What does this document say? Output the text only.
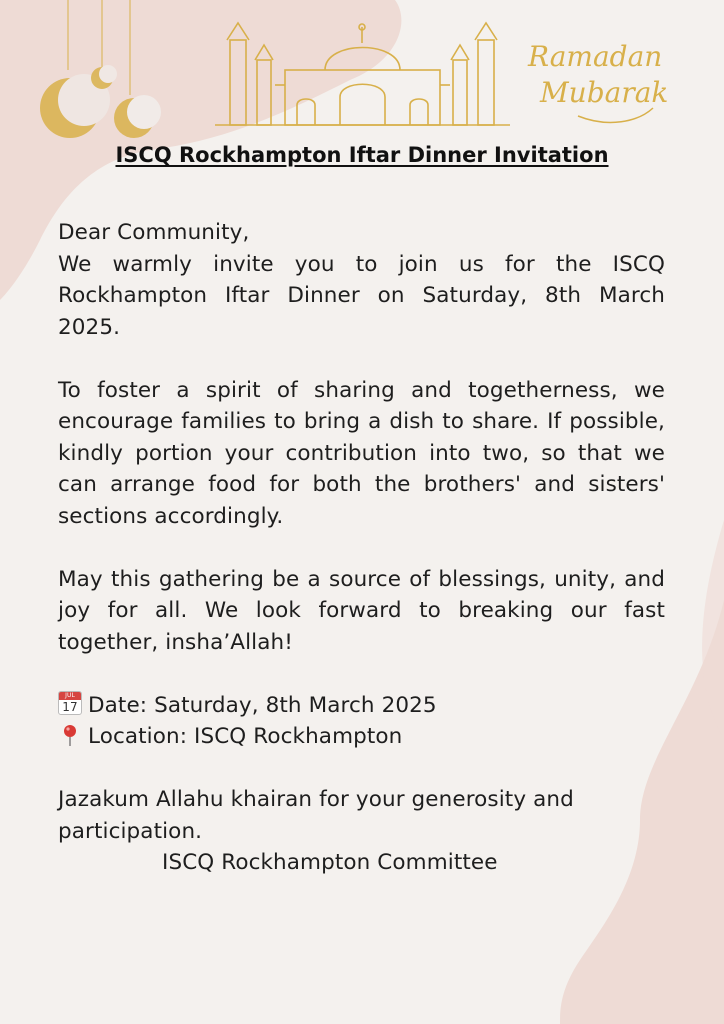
Ramadan
Mubarak
ISCQ Rockhampton Iftar Dinner Invitation

Dear Community,

We warmly invite you to join us for the ISCQ Rockhampton Iftar Dinner on Saturday, 8th March 2025.

To foster a spirit of sharing and togetherness, we encourage families to bring a dish to share. If possible, kindly portion your contribution into two, so that we can arrange food for both the brothers' and sisters' sections accordingly.

May this gathering be a source of blessings, unity, and joy for all. We look forward to breaking our fast together, insha’Allah!

JUL
17 Date: Saturday, 8th March 2025

Location: ISCQ Rockhampton

Jazakum Allahu khairan for your generosity and participation.

ISCQ Rockhampton Committee
